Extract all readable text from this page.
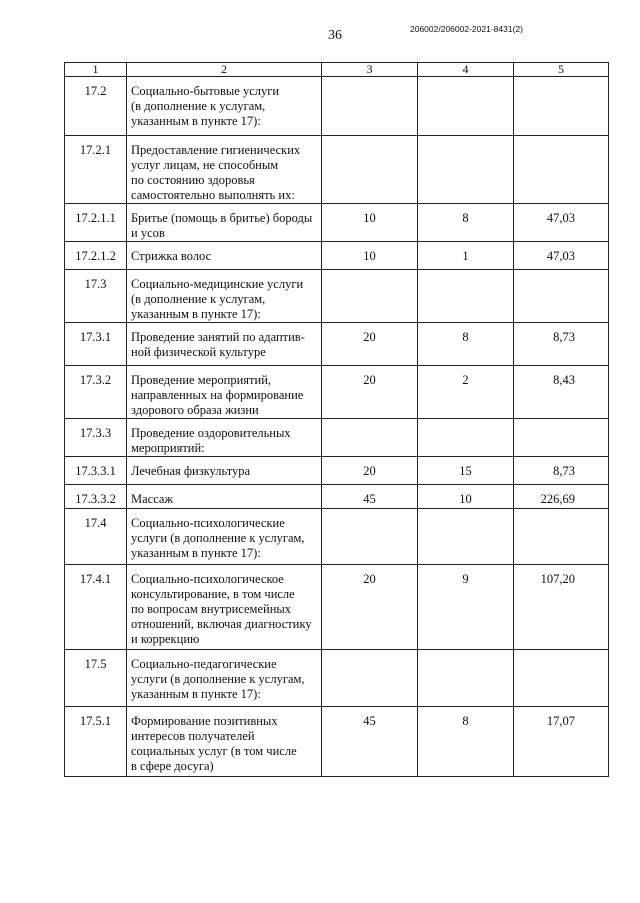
36	206002/206002-2021-8431(2)
1	2	3	4	5
17.2	Социально-бытовые услуги
(в дополнение к услугам,
указанным в пункте 17):			
17.2.1	Предоставление гигиенических
услуг лицам, не способным
по состоянию здоровья
самостоятельно выполнять их:			
17.2.1.1	Бритье (помощь в бритье) бороды
и усов	10	8	47,03
17.2.1.2	Стрижка волос	10	1	47,03
17.3	Социально-медицинские услуги
(в дополнение к услугам,
указанным в пункте 17):			
17.3.1	Проведение занятий по адаптив-
ной физической культуре	20	8	8,73
17.3.2	Проведение мероприятий,
направленных на формирование
здорового образа жизни	20	2	8,43
17.3.3	Проведение оздоровительных
мероприятий:			
17.3.3.1	Лечебная физкультура	20	15	8,73
17.3.3.2	Массаж	45	10	226,69
17.4	Социально-психологические
услуги (в дополнение к услугам,
указанным в пункте 17):			
17.4.1	Социально-психологическое
консультирование, в том числе
по вопросам внутрисемейных
отношений, включая диагностику
и коррекцию	20	9	107,20
17.5	Социально-педагогические
услуги (в дополнение к услугам,
указанным в пункте 17):			
17.5.1	Формирование позитивных
интересов получателей
социальных услуг (в том числе
в сфере досуга)	45	8	17,07
